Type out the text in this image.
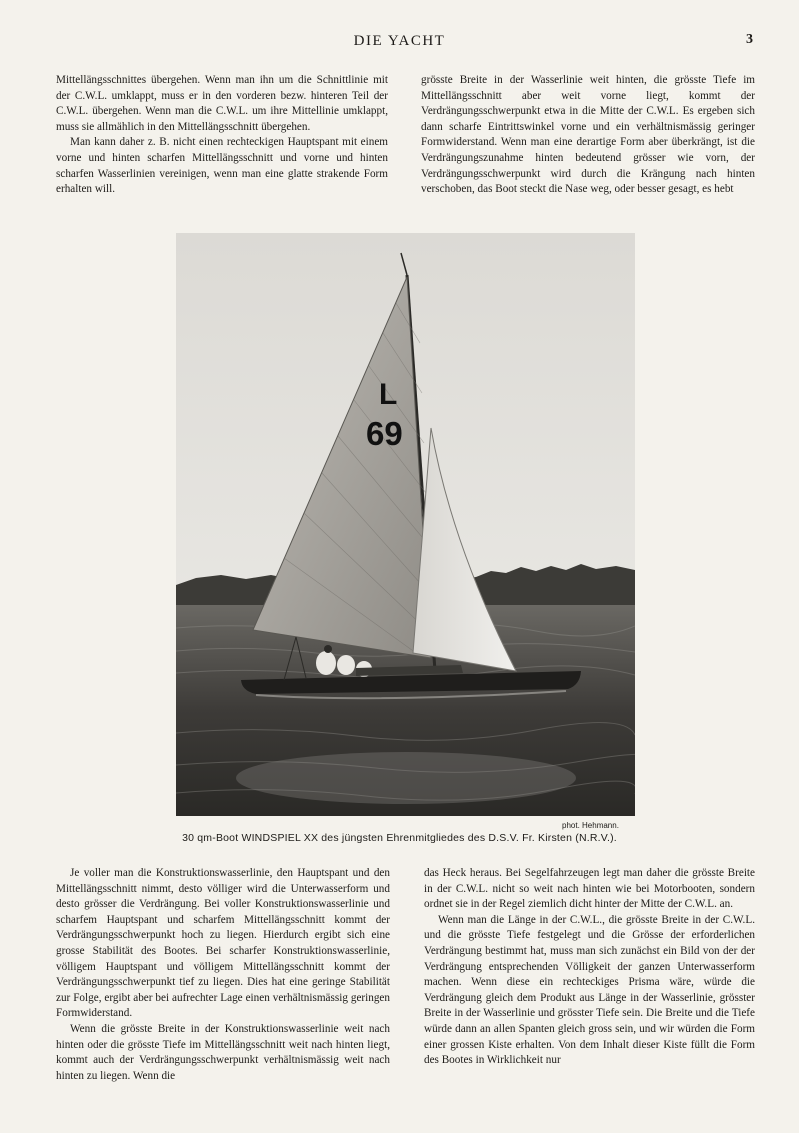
DIE YACHT	3

Mittellängsschnittes übergehen. Wenn man ihn um die Schnittlinie mit der C.W.L. umklappt, muss er in den vorderen bezw. hinteren Teil der C.W.L. übergehen. Wenn man die C.W.L. um ihre Mittellinie umklappt, muss sie allmählich in den Mittellängsschnitt übergehen.

Man kann daher z. B. nicht einen rechteckigen Hauptspant mit einem vorne und hinten scharfen Mittellängsschnitt und vorne und hinten scharfen Wasserlinien vereinigen, wenn man eine glatte strakende Form erhalten will.

grösste Breite in der Wasserlinie weit hinten, die grösste Tiefe im Mittellängsschnitt aber weit vorne liegt, kommt der Verdrängungsschwerpunkt etwa in die Mitte der C.W.L. Es ergeben sich dann scharfe Eintrittswinkel vorne und ein verhältnismässig geringer Formwiderstand. Wenn man eine derartige Form aber überkrängt, ist die Verdrängungszunahme hinten bedeutend grösser wie vorn, der Verdrängungsschwerpunkt wird durch die Krängung nach hinten verschoben, das Boot steckt die Nase weg, oder besser gesagt, es hebt

L
69
phot. Hehmann.
30 qm-Boot WINDSPIEL XX des jüngsten Ehrenmitgliedes des D.S.V. Fr. Kirsten (N.R.V.).

Je voller man die Konstruktionswasserlinie, den Hauptspant und den Mittellängsschnitt nimmt, desto völliger wird die Unterwasserform und desto grösser die Verdrängung. Bei voller Konstruktionswasserlinie und scharfem Hauptspant und scharfem Mittellängsschnitt kommt der Verdrängungsschwerpunkt hoch zu liegen. Hierdurch ergibt sich eine grosse Stabilität des Bootes. Bei scharfer Konstruktionswasserlinie, völligem Hauptspant und völligem Mittellängsschnitt kommt der Verdrängungsschwerpunkt tief zu liegen. Dies hat eine geringe Stabilität zur Folge, ergibt aber bei aufrechter Lage einen verhältnismässig geringen Formwiderstand.

Wenn die grösste Breite in der Konstruktionswasserlinie weit nach hinten oder die grösste Tiefe im Mittellängsschnitt weit nach hinten liegt, kommt auch der Verdrängungsschwerpunkt verhältnismässig weit nach hinten zu liegen. Wenn die

das Heck heraus. Bei Segelfahrzeugen legt man daher die grösste Breite in der C.W.L. nicht so weit nach hinten wie bei Motorbooten, sondern ordnet sie in der Regel ziemlich dicht hinter der Mitte der C.W.L. an.

Wenn man die Länge in der C.W.L., die grösste Breite in der C.W.L. und die grösste Tiefe festgelegt und die Grösse der erforderlichen Verdrängung bestimmt hat, muss man sich zunächst ein Bild von der der Verdrängung entsprechenden Völligkeit der ganzen Unterwasserform machen. Wenn diese ein rechteckiges Prisma wäre, würde die Verdrängung gleich dem Produkt aus Länge in der Wasserlinie, grösster Breite in der Wasserlinie und grösster Tiefe sein. Die Breite und die Tiefe würde dann an allen Spanten gleich gross sein, und wir würden die Form einer grossen Kiste erhalten. Von dem Inhalt dieser Kiste füllt die Form des Bootes in Wirklichkeit nur
